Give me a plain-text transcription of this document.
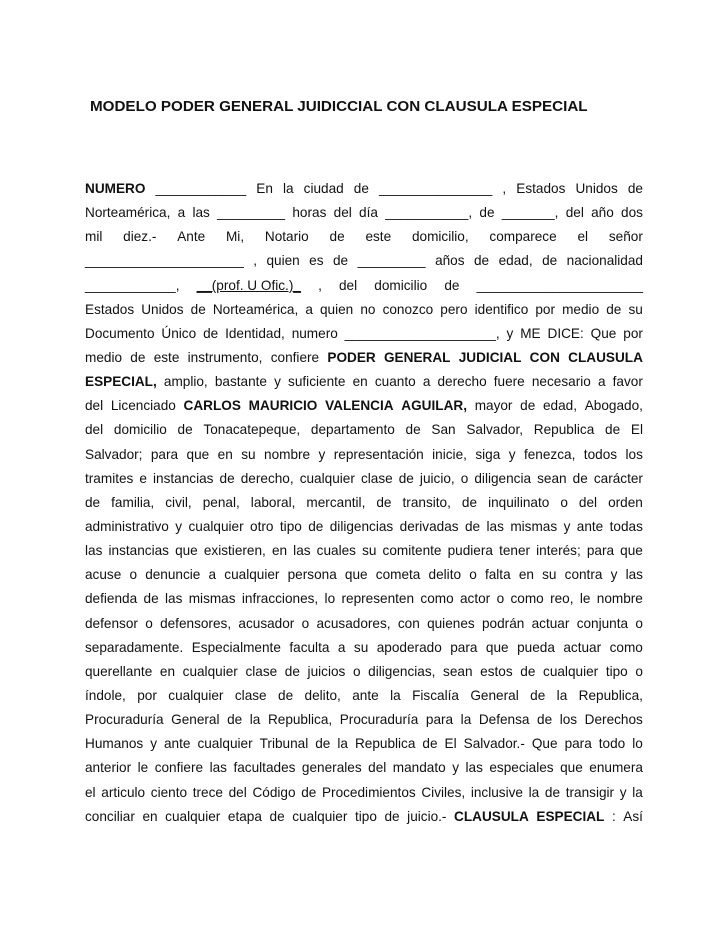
MODELO PODER GENERAL JUIDICCIAL CON CLAUSULA ESPECIAL
NUMERO ____________ En la ciudad de _______________ , Estados Unidos de
Norteamérica, a las _________ horas del día ___________, de _______, del año dos
mil diez.- Ante Mi, Notario de este domicilio, comparece el señor
_____________________ , quien es de _________ años de edad, de nacionalidad
____________, __(prof. U Ofic.)_ , del domicilio de ______________________
Estados Unidos de Norteamérica, a quien no conozco pero identifico por medio de su
Documento Único de Identidad, numero ____________________, y ME DICE: Que por
medio de este instrumento, confiere PODER GENERAL JUDICIAL CON CLAUSULA
ESPECIAL, amplio, bastante y suficiente en cuanto a derecho fuere necesario a favor
del Licenciado CARLOS MAURICIO VALENCIA AGUILAR, mayor de edad, Abogado,
del domicilio de Tonacatepeque, departamento de San Salvador, Republica de El
Salvador; para que en su nombre y representación inicie, siga y fenezca, todos los
tramites e instancias de derecho, cualquier clase de juicio, o diligencia sean de carácter
de familia, civil, penal, laboral, mercantil, de transito, de inquilinato o del orden
administrativo y cualquier otro tipo de diligencias derivadas de las mismas y ante todas
las instancias que existieren, en las cuales su comitente pudiera tener interés; para que
acuse o denuncie a cualquier persona que cometa delito o falta en su contra y las
defienda de las mismas infracciones, lo representen como actor o como reo, le nombre
defensor o defensores, acusador o acusadores, con quienes podrán actuar conjunta o
separadamente. Especialmente faculta a su apoderado para que pueda actuar como
querellante en cualquier clase de juicios o diligencias, sean estos de cualquier tipo o
índole, por cualquier clase de delito, ante la Fiscalía General de la Republica,
Procuraduría General de la Republica, Procuraduría para la Defensa de los Derechos
Humanos y ante cualquier Tribunal de la Republica de El Salvador.- Que para todo lo
anterior le confiere las facultades generales del mandato y las especiales que enumera
el articulo ciento trece del Código de Procedimientos Civiles, inclusive la de transigir y la
conciliar en cualquier etapa de cualquier tipo de juicio.- CLAUSULA ESPECIAL : Así
